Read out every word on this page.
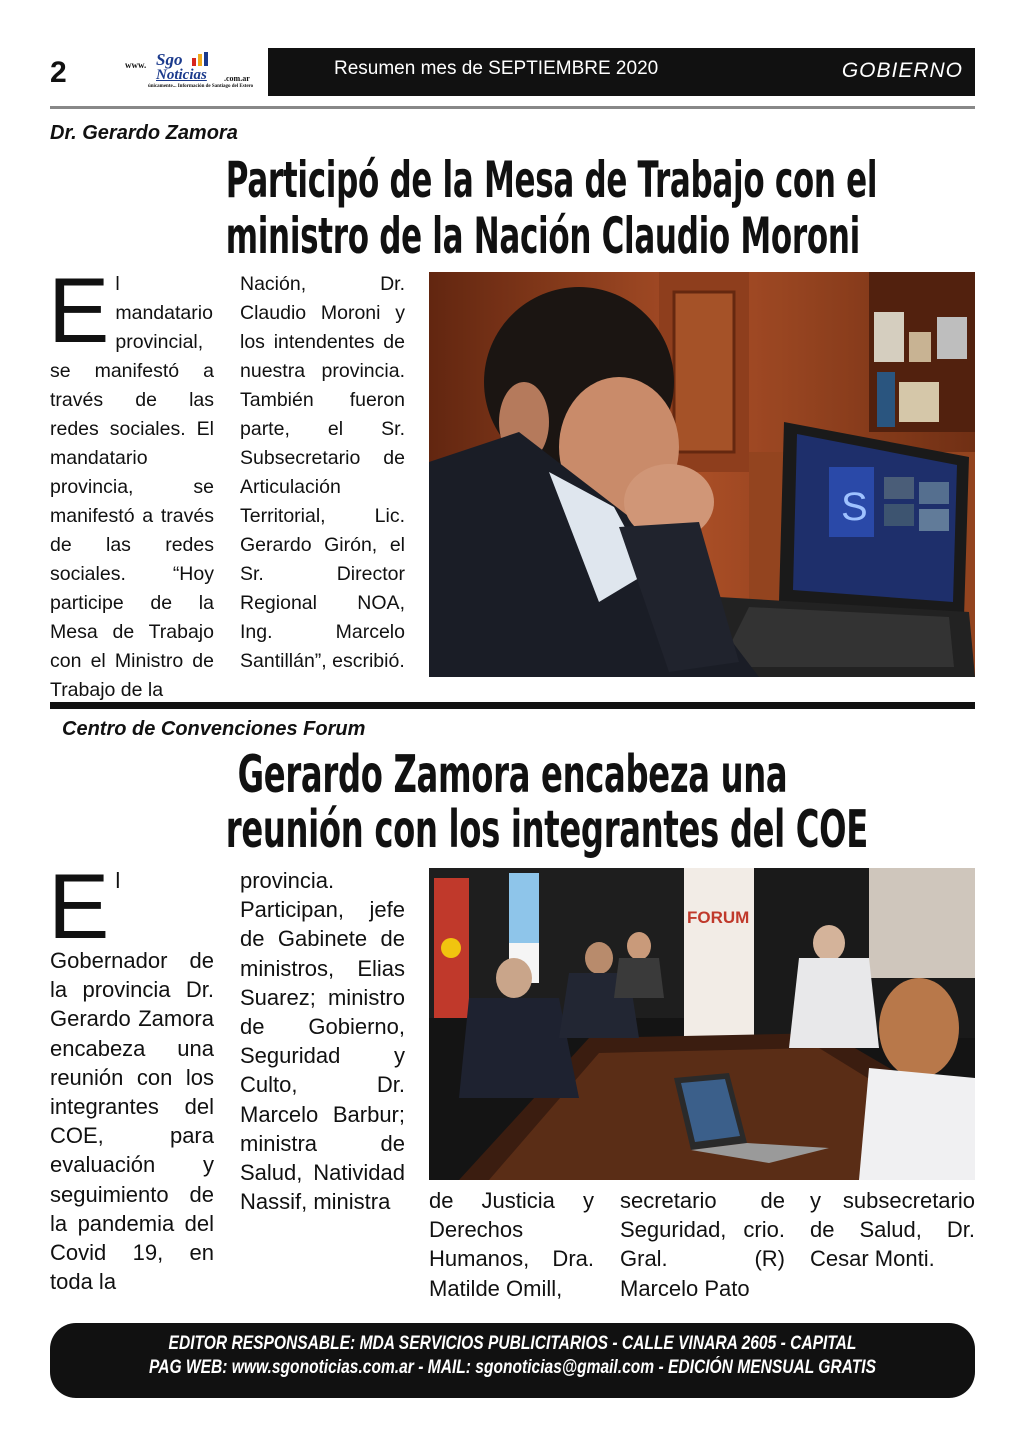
2	www. Sgo
Noticias .com.ar
únicamente... Información de Santiago del Estero
Resumen mes de SEPTIEMBRE 2020	GOBIERNO
Dr. Gerardo Zamora
Participó de la Mesa de Trabajo con el
ministro de la Nación Claudio Moroni
El mandatario provincial, se manifestó a través de las redes sociales. El mandatario provincia, se manifestó a través de las redes sociales. “Hoy participe de la Mesa de Trabajo con el Ministro de Trabajo de la
Nación, Dr. Claudio Moroni y los intendentes de nuestra provincia. También fueron parte, el Sr. Subsecretario de Articulación Territorial, Lic. Gerardo Girón, el Sr. Director Regional NOA, Ing. Marcelo Santillán”, escribió.
S
Centro de Convenciones Forum
Gerardo Zamora encabeza una
reunión con los integrantes del COE
El Gobernador de la provincia Dr. Gerardo Zamora encabeza una reunión con los integrantes del COE, para evaluación y seguimiento de la pandemia del Covid 19, en toda la
provincia. Participan, jefe de Gabinete de ministros, Elias Suarez; ministro de Gobierno, Seguridad y Culto, Dr. Marcelo Barbur; ministra de Salud, Natividad Nassif, ministra
FORUM
de Justicia y Derechos Humanos, Dra. Matilde Omill,
secretario de Seguridad, crio. Gral. (R) Marcelo Pato
y subsecretario de Salud, Dr. Cesar Monti.
EDITOR RESPONSABLE: MDA SERVICIOS PUBLICITARIOS - CALLE VINARA 2605 - CAPITAL
PAG WEB: www.sgonoticias.com.ar - MAIL: sgonoticias@gmail.com - EDICIÓN MENSUAL GRATIS
